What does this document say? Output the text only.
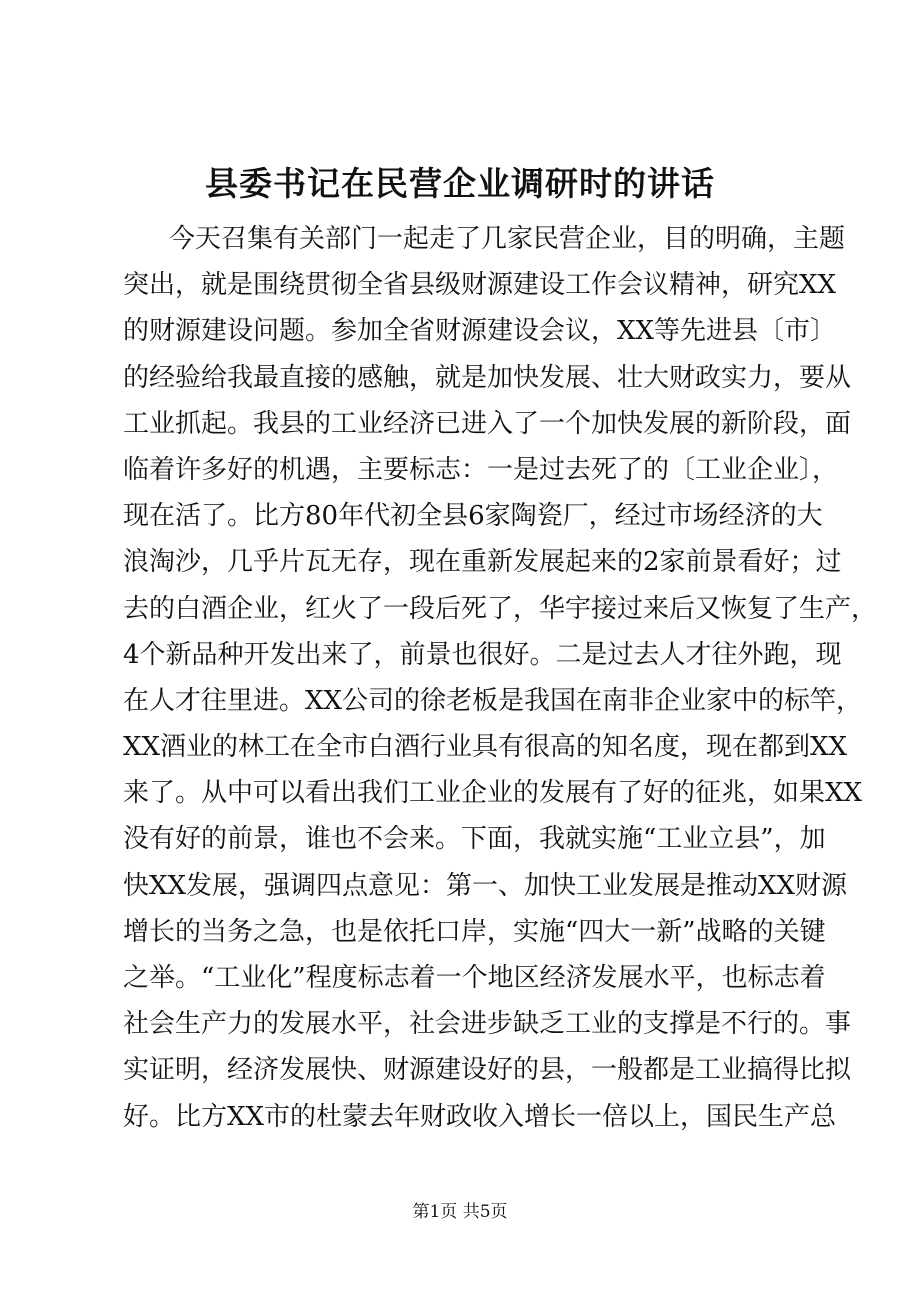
县委书记在民营企业调研时的讲话
今天召集有关部门一起走了几家民营企业，目的明确，主题
突出，就是围绕贯彻全省县级财源建设工作会议精神，研究XX
的财源建设问题。参加全省财源建设会议，XX等先进县〔市〕
的经验给我最直接的感触，就是加快发展、壮大财政实力，要从
工业抓起。我县的工业经济已进入了一个加快发展的新阶段，面
临着许多好的机遇，主要标志：一是过去死了的〔工业企业〕，
现在活了。比方80年代初全县6家陶瓷厂，经过市场经济的大
浪淘沙，几乎片瓦无存，现在重新发展起来的2家前景看好；过
去的白酒企业，红火了一段后死了，华宇接过来后又恢复了生产，
4个新品种开发出来了，前景也很好。二是过去人才往外跑，现
在人才往里进。XX公司的徐老板是我国在南非企业家中的标竿，
XX酒业的林工在全市白酒行业具有很高的知名度，现在都到XX
来了。从中可以看出我们工业企业的发展有了好的征兆，如果XX
没有好的前景，谁也不会来。下面，我就实施“工业立县”，加
快XX发展，强调四点意见：第一、加快工业发展是推动XX财源
增长的当务之急，也是依托口岸，实施“四大一新”战略的关键
之举。“工业化”程度标志着一个地区经济发展水平，也标志着
社会生产力的发展水平，社会进步缺乏工业的支撑是不行的。事
实证明，经济发展快、财源建设好的县，一般都是工业搞得比拟
好。比方XX市的杜蒙去年财政收入增长一倍以上，国民生产总
第1页 共5页
